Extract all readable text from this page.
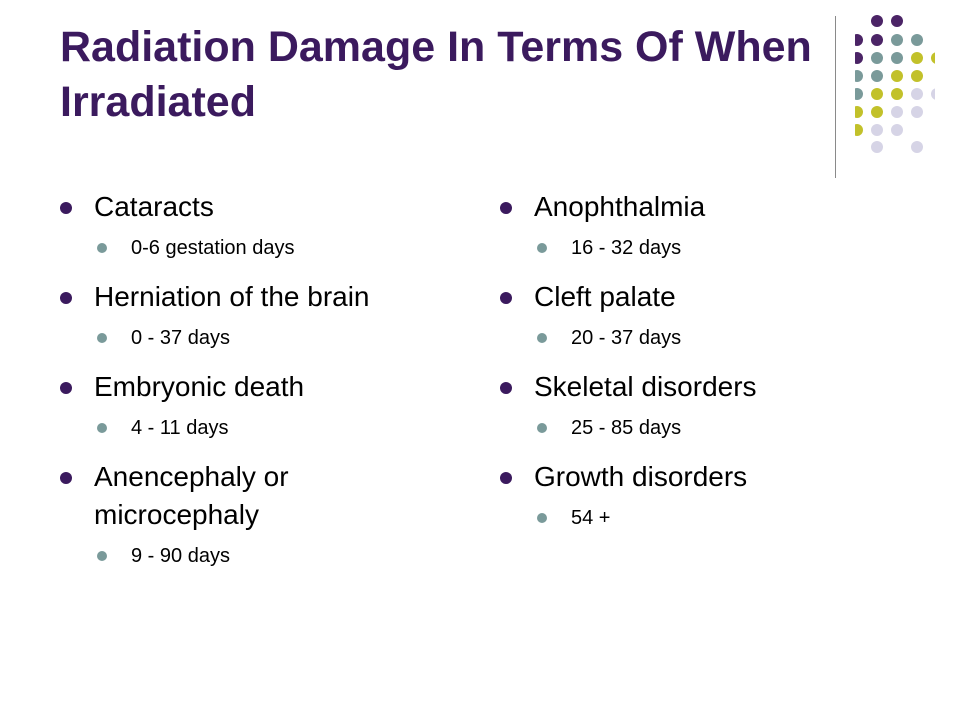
Radiation Damage In Terms Of When Irradiated
Cataracts
0-6 gestation days
Herniation of the brain
0 - 37 days
Embryonic death
4 - 11 days
Anencephaly or microcephaly
9 - 90 days
Anophthalmia
16 - 32 days
Cleft palate
20 - 37 days
Skeletal disorders
25 - 85 days
Growth disorders
54 +
